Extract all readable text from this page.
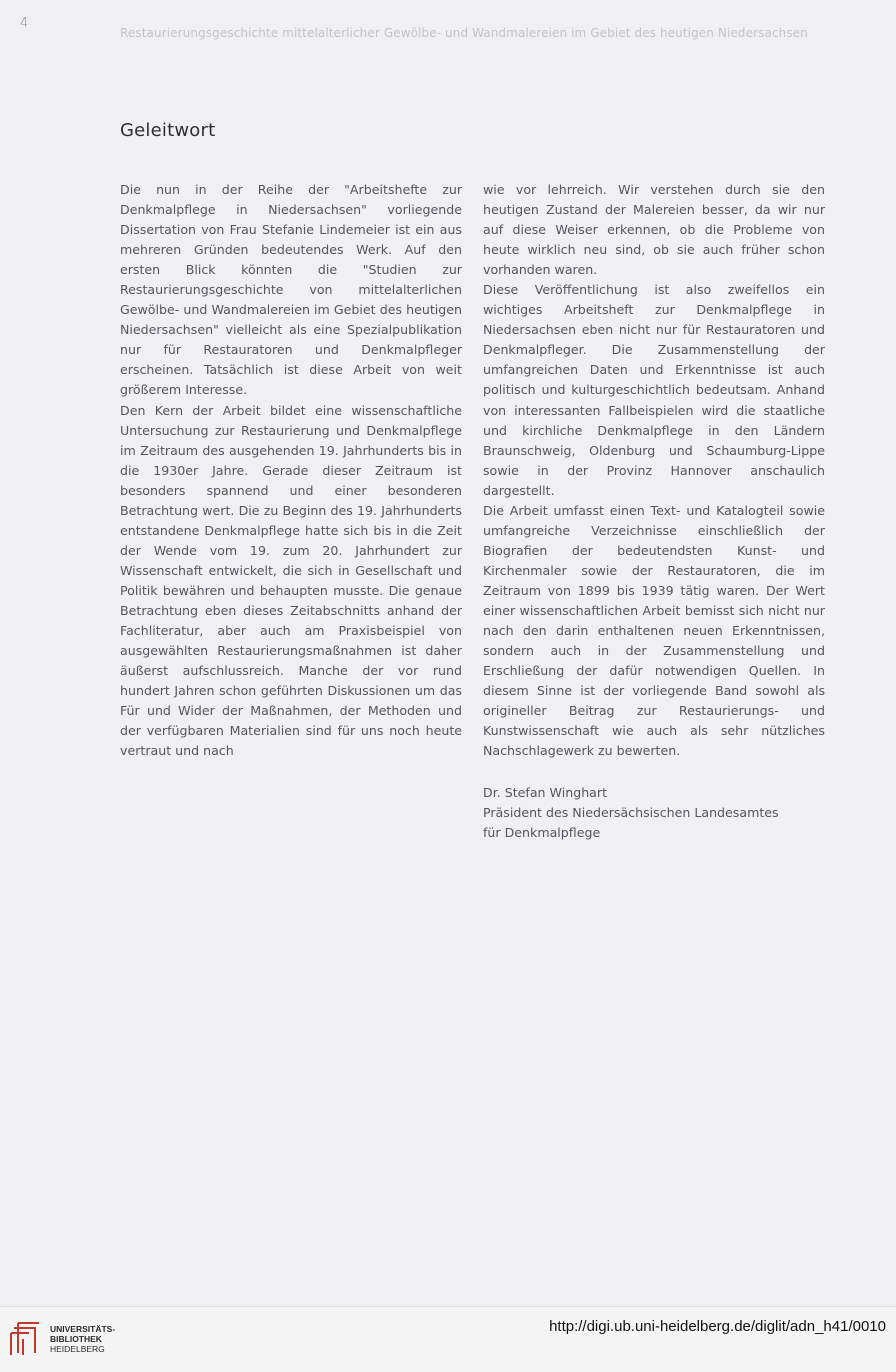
4
Restaurierungsgeschichte mittelalterlicher Gewölbe- und Wandmalereien im Gebiet des heutigen Niedersachsen
Geleitwort

Die nun in der Reihe der "Arbeitshefte zur Denkmalpflege in Niedersachsen" vorliegende Dissertation von Frau Stefanie Lindemeier ist ein aus mehreren Gründen bedeutendes Werk. Auf den ersten Blick könnten die "Studien zur Restaurierungsgeschichte von mittelalterlichen Gewölbe- und Wandmalereien im Gebiet des heutigen Niedersachsen" vielleicht als eine Spezialpublikation nur für Restauratoren und Denkmalpfleger erscheinen. Tatsächlich ist diese Arbeit von weit größerem Interesse.

Den Kern der Arbeit bildet eine wissenschaftliche Untersuchung zur Restaurierung und Denkmalpflege im Zeitraum des ausgehenden 19. Jahrhunderts bis in die 1930er Jahre. Gerade dieser Zeitraum ist besonders spannend und einer besonderen Betrachtung wert. Die zu Beginn des 19. Jahrhunderts entstandene Denkmalpflege hatte sich bis in die Zeit der Wende vom 19. zum 20. Jahrhundert zur Wissenschaft entwickelt, die sich in Gesellschaft und Politik bewähren und behaupten musste. Die genaue Betrachtung eben dieses Zeitabschnitts anhand der Fachliteratur, aber auch am Praxisbeispiel von ausgewählten Restaurierungsmaßnahmen ist daher äußerst aufschlussreich. Manche der vor rund hundert Jahren schon geführten Diskussionen um das Für und Wider der Maßnahmen, der Methoden und der verfügbaren Materialien sind für uns noch heute vertraut und nach

wie vor lehrreich. Wir verstehen durch sie den heutigen Zustand der Malereien besser, da wir nur auf diese Weiser erkennen, ob die Probleme von heute wirklich neu sind, ob sie auch früher schon vorhanden waren.

Diese Veröffentlichung ist also zweifellos ein wichtiges Arbeitsheft zur Denkmalpflege in Niedersachsen eben nicht nur für Restauratoren und Denkmalpfleger. Die Zusammenstellung der umfangreichen Daten und Erkenntnisse ist auch politisch und kulturgeschichtlich bedeutsam. Anhand von interessanten Fallbeispielen wird die staatliche und kirchliche Denkmalpflege in den Ländern Braunschweig, Oldenburg und Schaumburg-Lippe sowie in der Provinz Hannover anschaulich dargestellt.

Die Arbeit umfasst einen Text- und Katalogteil sowie umfangreiche Verzeichnisse einschließlich der Biografien der bedeutendsten Kunst- und Kirchenmaler sowie der Restauratoren, die im Zeitraum von 1899 bis 1939 tätig waren. Der Wert einer wissenschaftlichen Arbeit bemisst sich nicht nur nach den darin enthaltenen neuen Erkenntnissen, sondern auch in der Zusammenstellung und Erschließung der dafür notwendigen Quellen. In diesem Sinne ist der vorliegende Band sowohl als origineller Beitrag zur Restaurierungs- und Kunstwissenschaft wie auch als sehr nützliches Nachschlagewerk zu bewerten.

Dr. Stefan Winghart
Präsident des Niedersächsischen Landesamtes
für Denkmalpflege
UNIVERSITÄTS-
BIBLIOTHEK
HEIDELBERG
http://digi.ub.uni-heidelberg.de/diglit/adn_h41/0010
